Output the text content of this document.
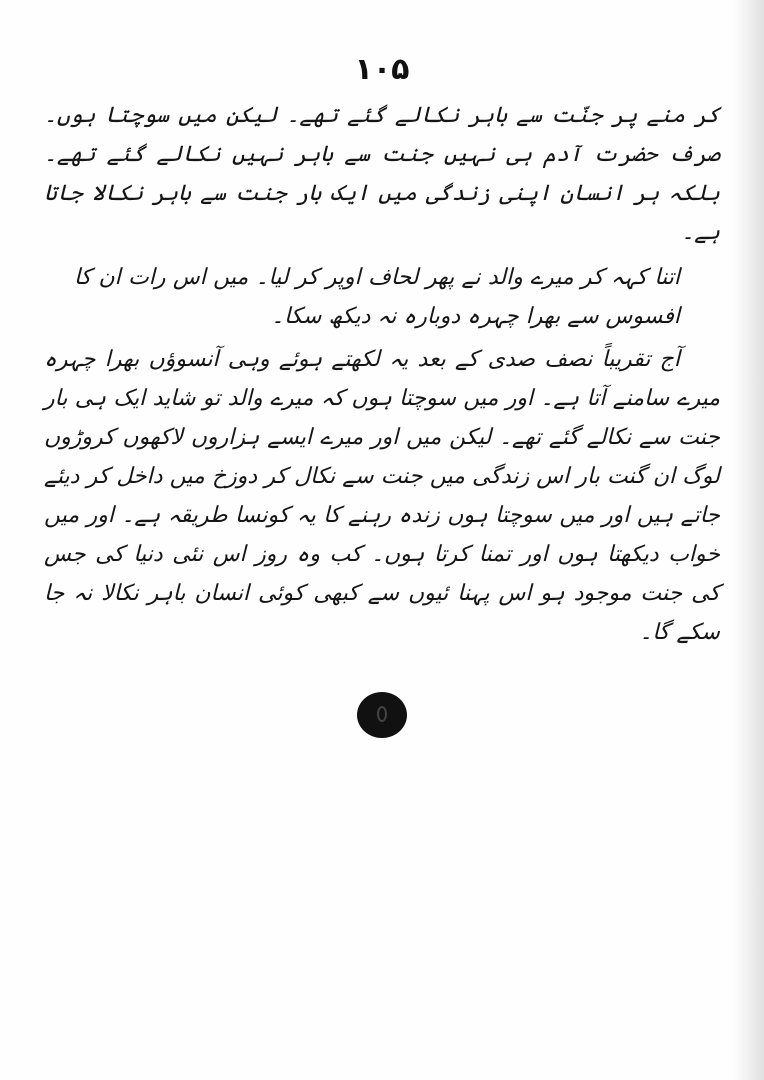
۱۰۵

کر منے پر جنّت سے باہر نکالے گئے تھے۔ لیکن میں سوچتا ہوں۔ صرف حضرت آدم ہی نہیں جنت سے باہر نہیں نکالے گئے تھے۔ بلکہ ہر انسان اپنی زندگی میں ایک بار جنت سے باہر نکالا جاتا ہے۔

اتنا کہہ کر میرے والد نے پھر لحاف اوپر کر لیا۔ میں اس رات ان کا افسوس سے بھرا چہرہ دوبارہ نہ دیکھ سکا۔

آج تقریباً نصف صدی کے بعد یہ لکھتے ہوئے وہی آنسوؤں بھرا چہرہ میرے سامنے آتا ہے۔ اور میں سوچتا ہوں کہ میرے والد تو شاید ایک ہی بار جنت سے نکالے گئے تھے۔ لیکن میں اور میرے ایسے ہزاروں لاکھوں کروڑوں لوگ ان گنت بار اس زندگی میں جنت سے نکال کر دوزخ میں داخل کر دیئے جاتے ہیں اور میں سوچتا ہوں زندہ رہنے کا یہ کونسا طریقہ ہے۔ اور میں خواب دیکھتا ہوں اور تمنا کرتا ہوں۔ کب وہ روز اس نئی دنیا کی جس کی جنت موجود ہو اس پہنا ئیوں سے کبھی کوئی انسان باہر نکالا نہ جا سکے گا۔
